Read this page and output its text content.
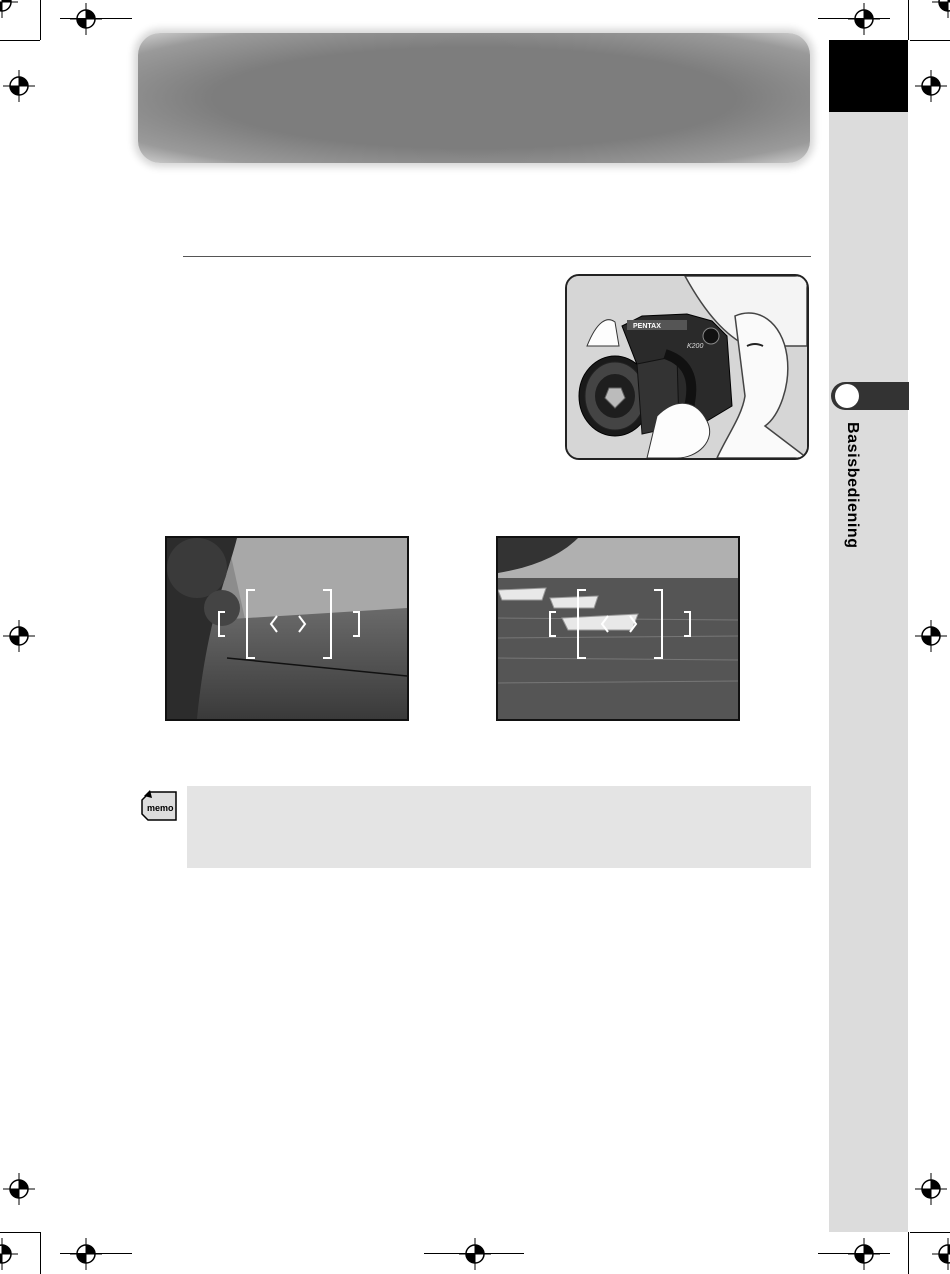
Basisbediening
PENTAX
K200
memo
